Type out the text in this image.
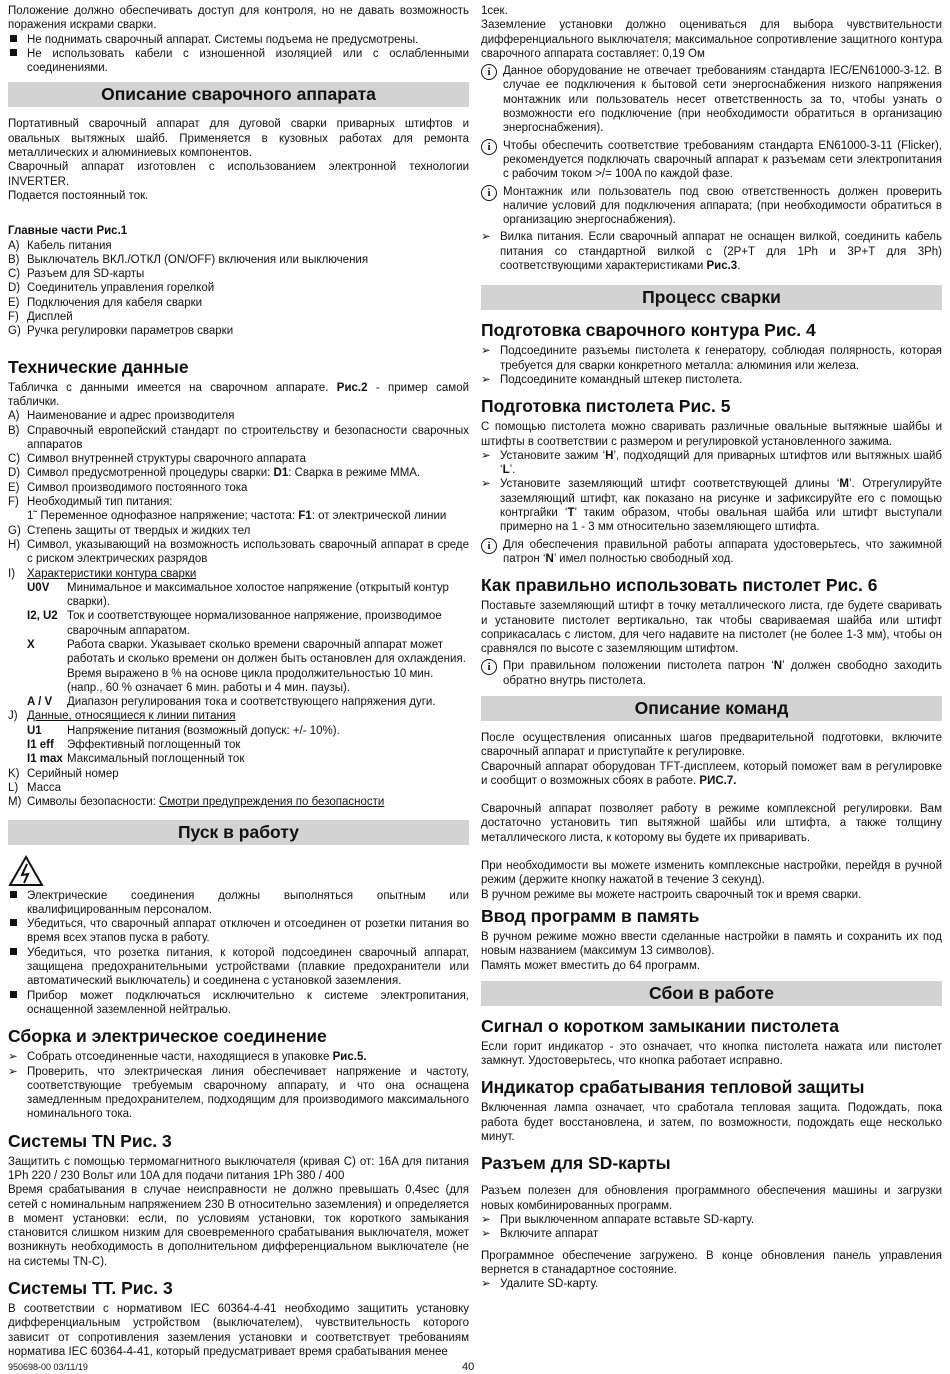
Положение должно обеспечивать доступ для контроля, но не давать возможность поражения искрами сварки.

Не поднимать сварочный аппарат. Системы подъема не предусмотрены.
Не использовать кабели с изношенной изоляцией или с ослабленными соединениями.
Описание сварочного аппарата

Портативный сварочный аппарат для дуговой сварки приварных штифтов и овальных вытяжных шайб. Применяется в кузовных работах для ремонта металлических и алюминиевых компонентов.

Сварочный аппарат изготовлен с использованием электронной технологии INVERTER.

Подается постоянный ток.

Главные части Рис.1

A) Кабель питания
B) Выключатель ВКЛ./ОТКЛ (ON/OFF) включения или выключения
C) Разъем для SD-карты
D) Соединитель управления горелкой
E) Подключения для кабеля сварки
F) Дисплей
G) Ручка регулировки параметров сварки
Технические данные

Табличка с данными имеется на сварочном аппарате. Рис.2 - пример самой таблички.

A) Наименование и адрес производителя
B) Справочный европейский стандарт по строительству и безопасности сварочных аппаратов
C) Символ внутренней структуры сварочного аппарата
D) Символ предусмотренной процедуры сварки: D1: Сварка в режиме ММА.
E) Символ производимого постоянного тока
F) Необходимый тип питания:
1˜ Переменное однофазное напряжение; частота: F1: от электрической линии
G) Степень защиты от твердых и жидких тел
H) Символ, указывающий на возможность использовать сварочный аппарат в среде с риском электрических разрядов
I)	Характеристики контура сварки
U0V	Минимальное и максимальное холостое напряжение (открытый контур сварки).
I2, U2 Ток и соответствующее нормализованное напряжение, производимое сварочным аппаратом.
X	Работа сварки. Указывает сколько времени сварочный аппарат может работать и сколько времени он должен быть остановлен для охлаждения. Время выражено в % на основе цикла продолжительностью 10 мин. (напр., 60 % означает 6 мин. работы и 4 мин. паузы).
A / V	Диапазон регулирования тока и соответствующего напряжения дуги.
J) Данные, относящиеся к линии питания
U1	Напряжение питания (возможный допуск: +/- 10%).
I1 eff	Эффективный поглощенный ток
I1 max Максимальный поглощенный ток
K) Серийный номер
L) Масса
M) Символы безопасности: Смотри предупреждения по безопасности
Пуск в работу
Электрические соединения должны выполняться опытным или квалифицированным персоналом.
Убедиться, что сварочный аппарат отключен и отсоединен от розетки питания во время всех этапов пуска в работу.
Убедиться, что розетка питания, к которой подсоединен сварочный аппарат, защищена предохранительными устройствами (плавкие предохранители или автоматический выключатель) и соединена с установкой заземления.
Прибор может подключаться исключительно к системе электропитания, оснащенной заземленной нейтралью.
Сборка и электрическое соединение
➢ Собрать отсоединенные части, находящиеся в упаковке Рис.5.
➢ Проверить, что электрическая линия обеспечивает напряжение и частоту, соответствующие требуемым сварочному аппарату, и что она оснащена замедленным предохранителем, подходящим для производимого максимального номинального тока.
Системы TN Рис. 3

Защитить с помощью термомагнитного выключателя (кривая C) от: 16A для питания 1Ph 220 / 230 Вольт или 10A для подачи питания 1Ph 380 / 400

Время срабатывания в случае неисправности не должно превышать 0,4sec (для сетей с номинальным напряжением 230 В относительно заземления) и определяется в момент установки: если, по условиям установки, ток короткого замыкания становится слишком низким для своевременного срабатывания выключателя, может возникнуть необходимость в дополнительном дифференциальном выключателе (не на системы TN-C).

Системы TT. Рис. 3

В соответствии с нормативом IEC 60364-4-41 необходимо защитить установку дифференциальным устройством (выключателем), чувствительность которого зависит от сопротивления заземления установки и соответствует требованиям норматива IEC 60364-4-41, который предусматривает время срабатывания менее

1сек.

Заземление установки должно оцениваться для выбора чувствительности дифференциального выключателя; максимальное сопротивление защитного контура сварочного аппарата составляет: 0,19 Ом

i	Данное оборудование не отвечает требованиям стандарта IEC/EN61000-3-12. В случае ее подключения к бытовой сети энергоснабжения низкого напряжения монтажник или пользователь несет ответственность за то, чтобы узнать о возможности его подключение (при необходимости обратиться в организацию энергоснабжения).
i	Чтобы обеспечить соответствие требованиям стандарта EN61000-3-11 (Flicker), рекомендуется подключать сварочный аппарат к разъемам сети электропитания с рабочим током >/= 100A по каждой фазе.
i	Монтажник или пользователь под свою ответственность должен проверить наличие условий для подключения аппарата; (при необходимости обратиться в организацию энергоснабжения).
➢ Вилка питания. Если сварочный аппарат не оснащен вилкой, соединить кабель питания со стандартной вилкой с (2P+T для 1Ph и 3P+T для 3Ph) соответствующими характеристиками Рис.3.
Процесс сварки
Подготовка сварочного контура Рис. 4
➢ Подсоедините разъемы пистолета к генератору, соблюдая полярность, которая требуется для сварки конкретного металла: алюминия или железа.
➢ Подсоедините командный штекер пистолета.
Подготовка пистолета Рис. 5

С помощью пистолета можно сваривать различные овальные вытяжные шайбы и штифты в соответствии с размером и регулировкой установленного зажима.

➢ Установите зажим ‘H’, подходящий для приварных штифтов или вытяжных шайб ‘L’.
➢ Установите заземляющий штифт соответствующей длины ‘M’. Отрегулируйте заземляющий штифт, как показано на рисунке и зафиксируйте его с помощью контргайки ‘T’ таким образом, чтобы овальная шайба или штифт выступали примерно на 1 - 3 мм относительно заземляющего штифта.
i	Для обеспечения правильной работы аппарата удостоверьтесь, что зажимной патрон ‘N’ имел полностью свободный ход.
Как правильно использовать пистолет Рис. 6

Поставьте заземляющий штифт в точку металлического листа, где будете сваривать и установите пистолет вертикально, так чтобы свариваемая шайба или штифт соприкасалась с листом, для чего надавите на пистолет (не более 1-3 мм), чтобы он сравнялся по высоте с заземляющим штифтом.

i	При правильном положении пистолета патрон ‘N’ должен свободно заходить обратно внутрь пистолета.
Описание команд

После осуществления описанных шагов предварительной подготовки, включите сварочный аппарат и приступайте к регулировке.

Сварочный аппарат оборудован TFT-дисплеем, который поможет вам в регулировке и сообщит о возможных сбоях в работе. РИС.7.

Сварочный аппарат позволяет работу в режиме комплексной регулировки. Вам достаточно установить тип вытяжной шайбы или штифта, а также толщину металлического листа, к которому вы будете их приваривать.

При необходимости вы можете изменить комплексные настройки, перейдя в ручной режим (держите кнопку нажатой в течение 3 секунд).

В ручном режиме вы можете настроить сварочный ток и время сварки.

Ввод программ в память

В ручном режиме можно ввести сделанные настройки в память и сохранить их под новым названием (максимум 13 символов).

Память может вместить до 64 программ.

Сбои в работе
Сигнал о коротком замыкании пистолета

Если горит индикатор - это означает, что кнопка пистолета нажата или пистолет замкнут. Удостоверьтесь, что кнопка работает исправно.

Индикатор срабатывания тепловой защиты

Включенная лампа означает, что сработала тепловая защита. Подождать, пока работа будет восстановлена, и затем, по возможности, подождать еще несколько минут.

Разъем для SD-карты

Разъем полезен для обновления программного обеспечения машины и загрузки новых комбинированных программ.

➢ При выключенном аппарате вставьте SD-карту.
➢ Включите аппарат

Программное обеспечение загружено. В конце обновления панель управления вернется в станадартное состояние.

➢ Удалите SD-карту.
950698-00 03/11/19	40
